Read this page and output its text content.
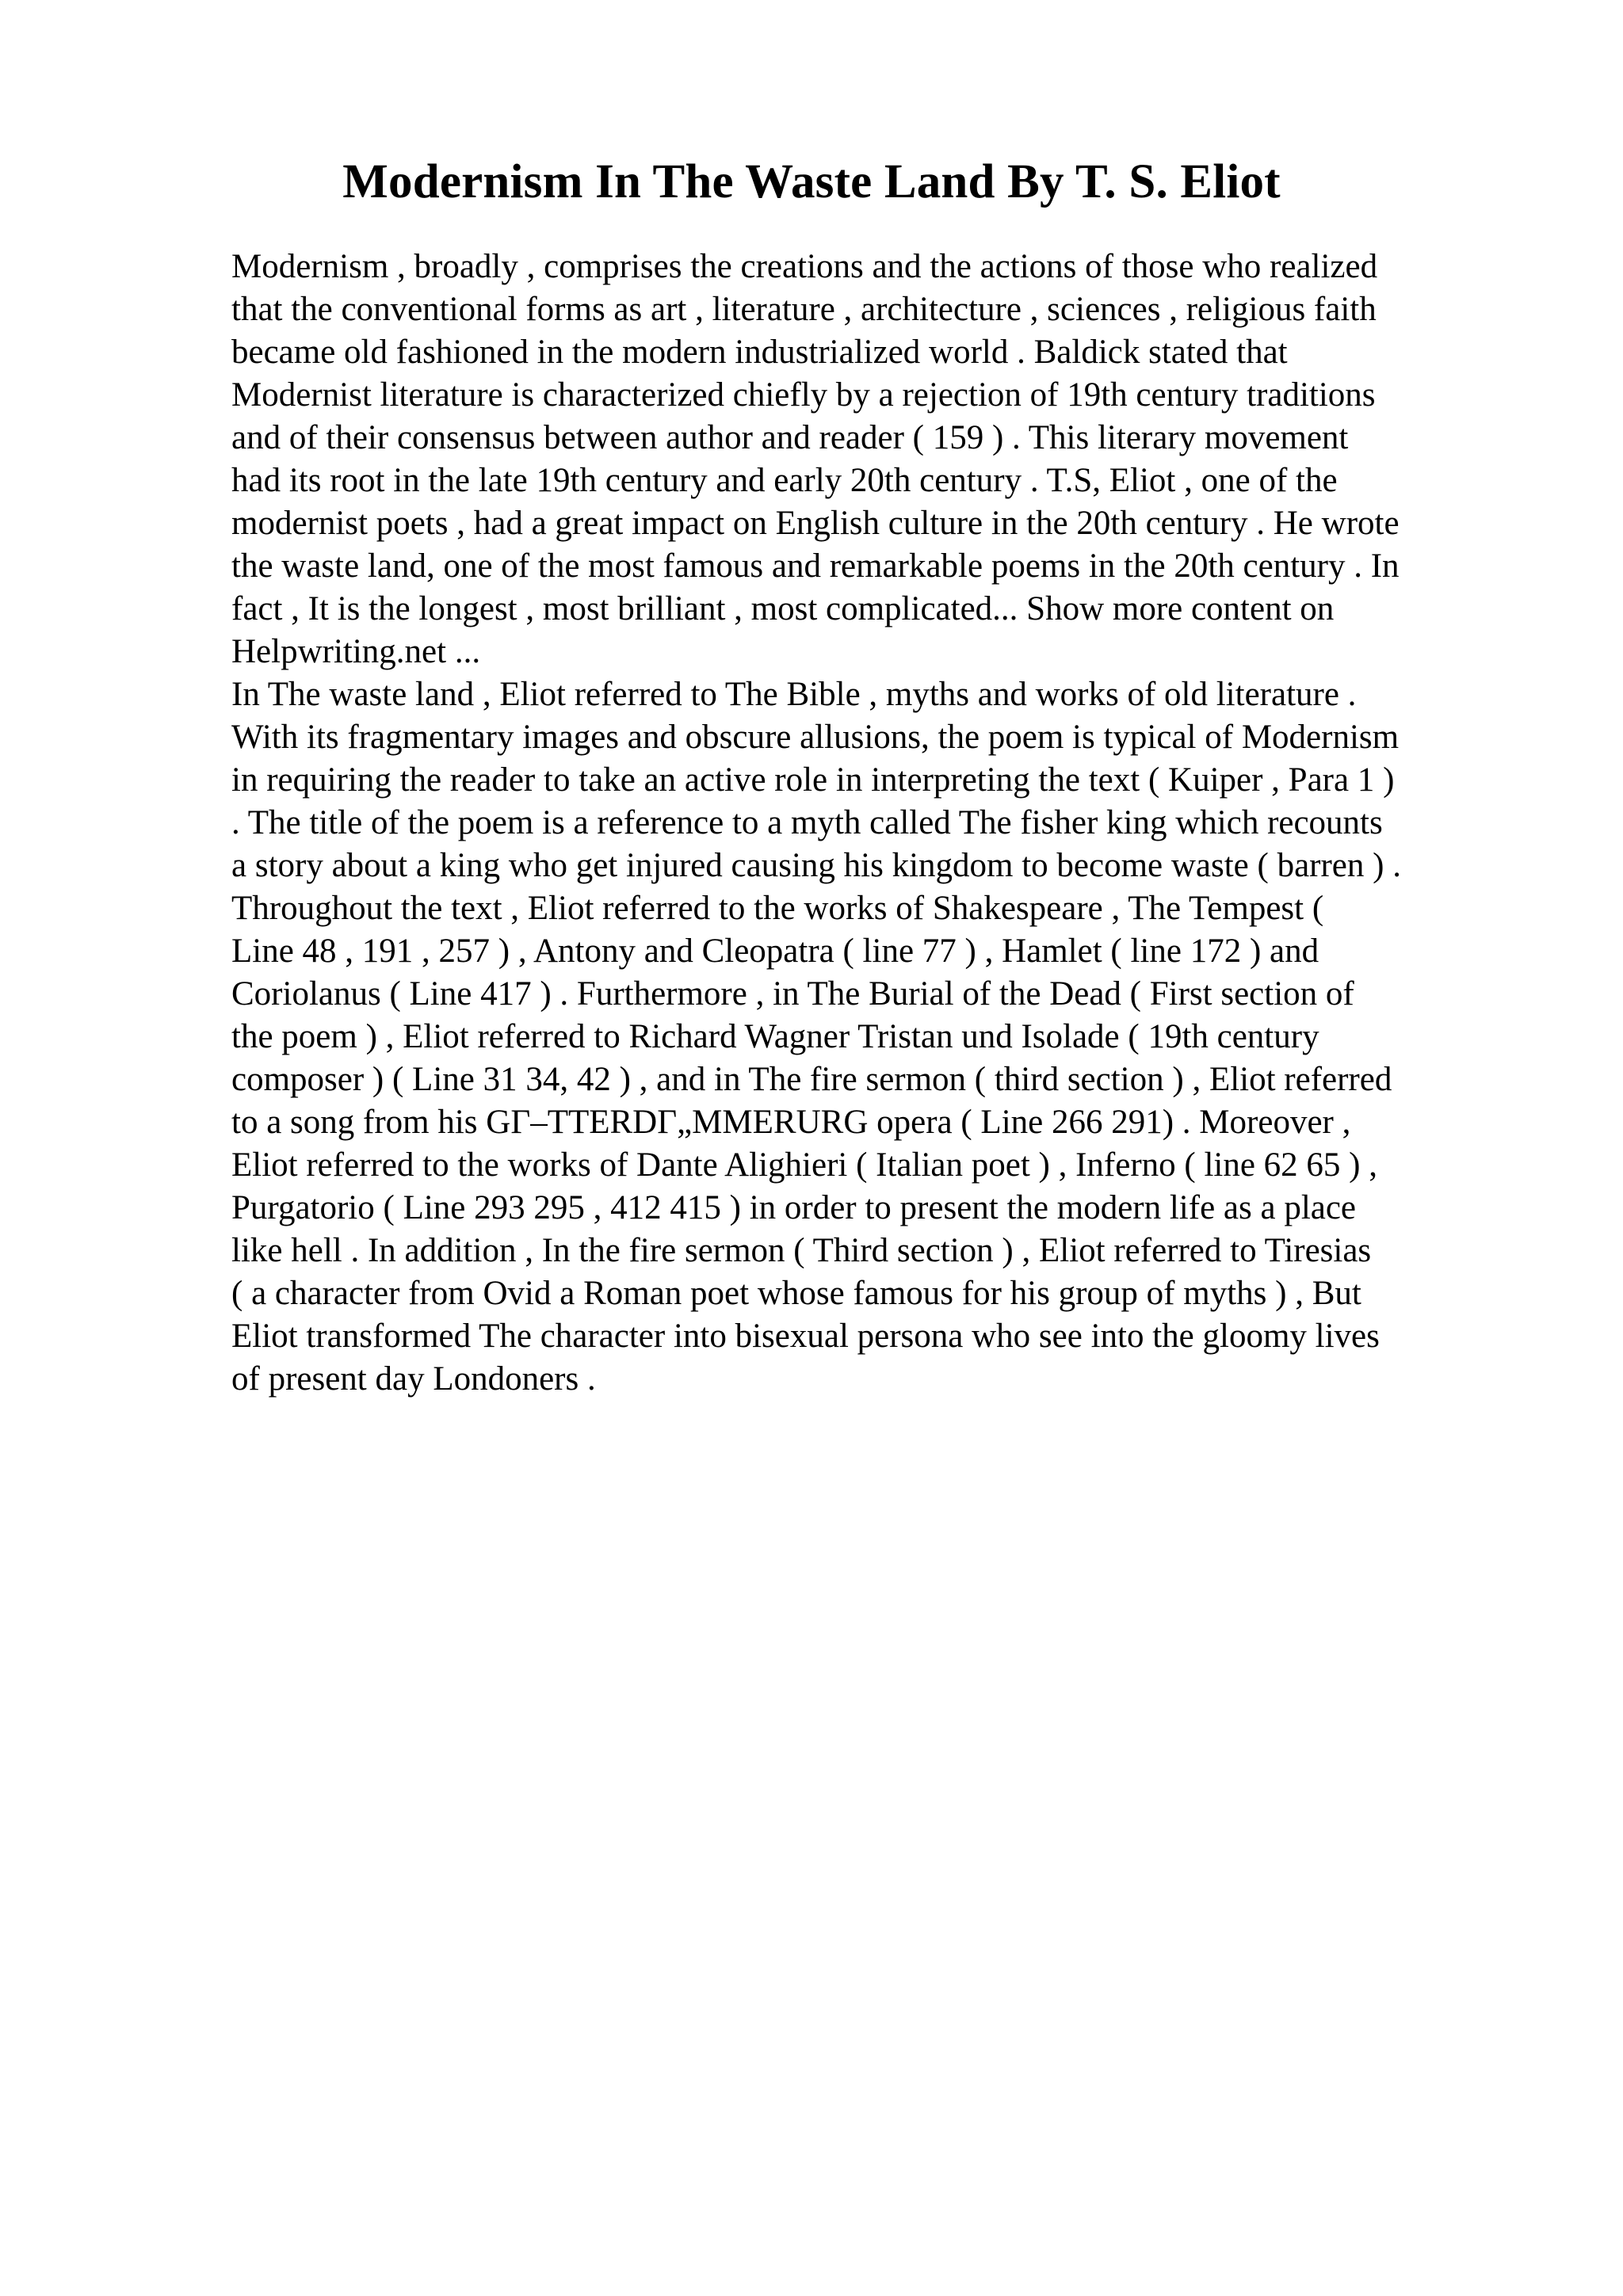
Modernism In The Waste Land By T. S. Eliot
Modernism , broadly , comprises the creations and the actions of those who realized
that the conventional forms as art , literature , architecture , sciences , religious faith
became old fashioned in the modern industrialized world . Baldick stated that
Modernist literature is characterized chiefly by a rejection of 19th century traditions
and of their consensus between author and reader ( 159 ) . This literary movement
had its root in the late 19th century and early 20th century . T.S, Eliot , one of the
modernist poets , had a great impact on English culture in the 20th century . He wrote
the waste land, one of the most famous and remarkable poems in the 20th century . In
fact , It is the longest , most brilliant , most complicated... Show more content on
Helpwriting.net ...
In The waste land , Eliot referred to The Bible , myths and works of old literature .
With its fragmentary images and obscure allusions, the poem is typical of Modernism
in requiring the reader to take an active role in interpreting the text ( Kuiper , Para 1 )
. The title of the poem is a reference to a myth called The fisher king which recounts
a story about a king who get injured causing his kingdom to become waste ( barren ) .
Throughout the text , Eliot referred to the works of Shakespeare , The Tempest (
Line 48 , 191 , 257 ) , Antony and Cleopatra ( line 77 ) , Hamlet ( line 172 ) and
Coriolanus ( Line 417 ) . Furthermore , in The Burial of the Dead ( First section of
the poem ) , Eliot referred to Richard Wagner Tristan und Isolade ( 19th century
composer ) ( Line 31 34, 42 ) , and in The fire sermon ( third section ) , Eliot referred
to a song from his GΓ–TTERDΓ„MMERURG opera ( Line 266 291) . Moreover ,
Eliot referred to the works of Dante Alighieri ( Italian poet ) , Inferno ( line 62 65 ) ,
Purgatorio ( Line 293 295 , 412 415 ) in order to present the modern life as a place
like hell . In addition , In the fire sermon ( Third section ) , Eliot referred to Tiresias
( a character from Ovid a Roman poet whose famous for his group of myths ) , But
Eliot transformed The character into bisexual persona who see into the gloomy lives
of present day Londoners .
